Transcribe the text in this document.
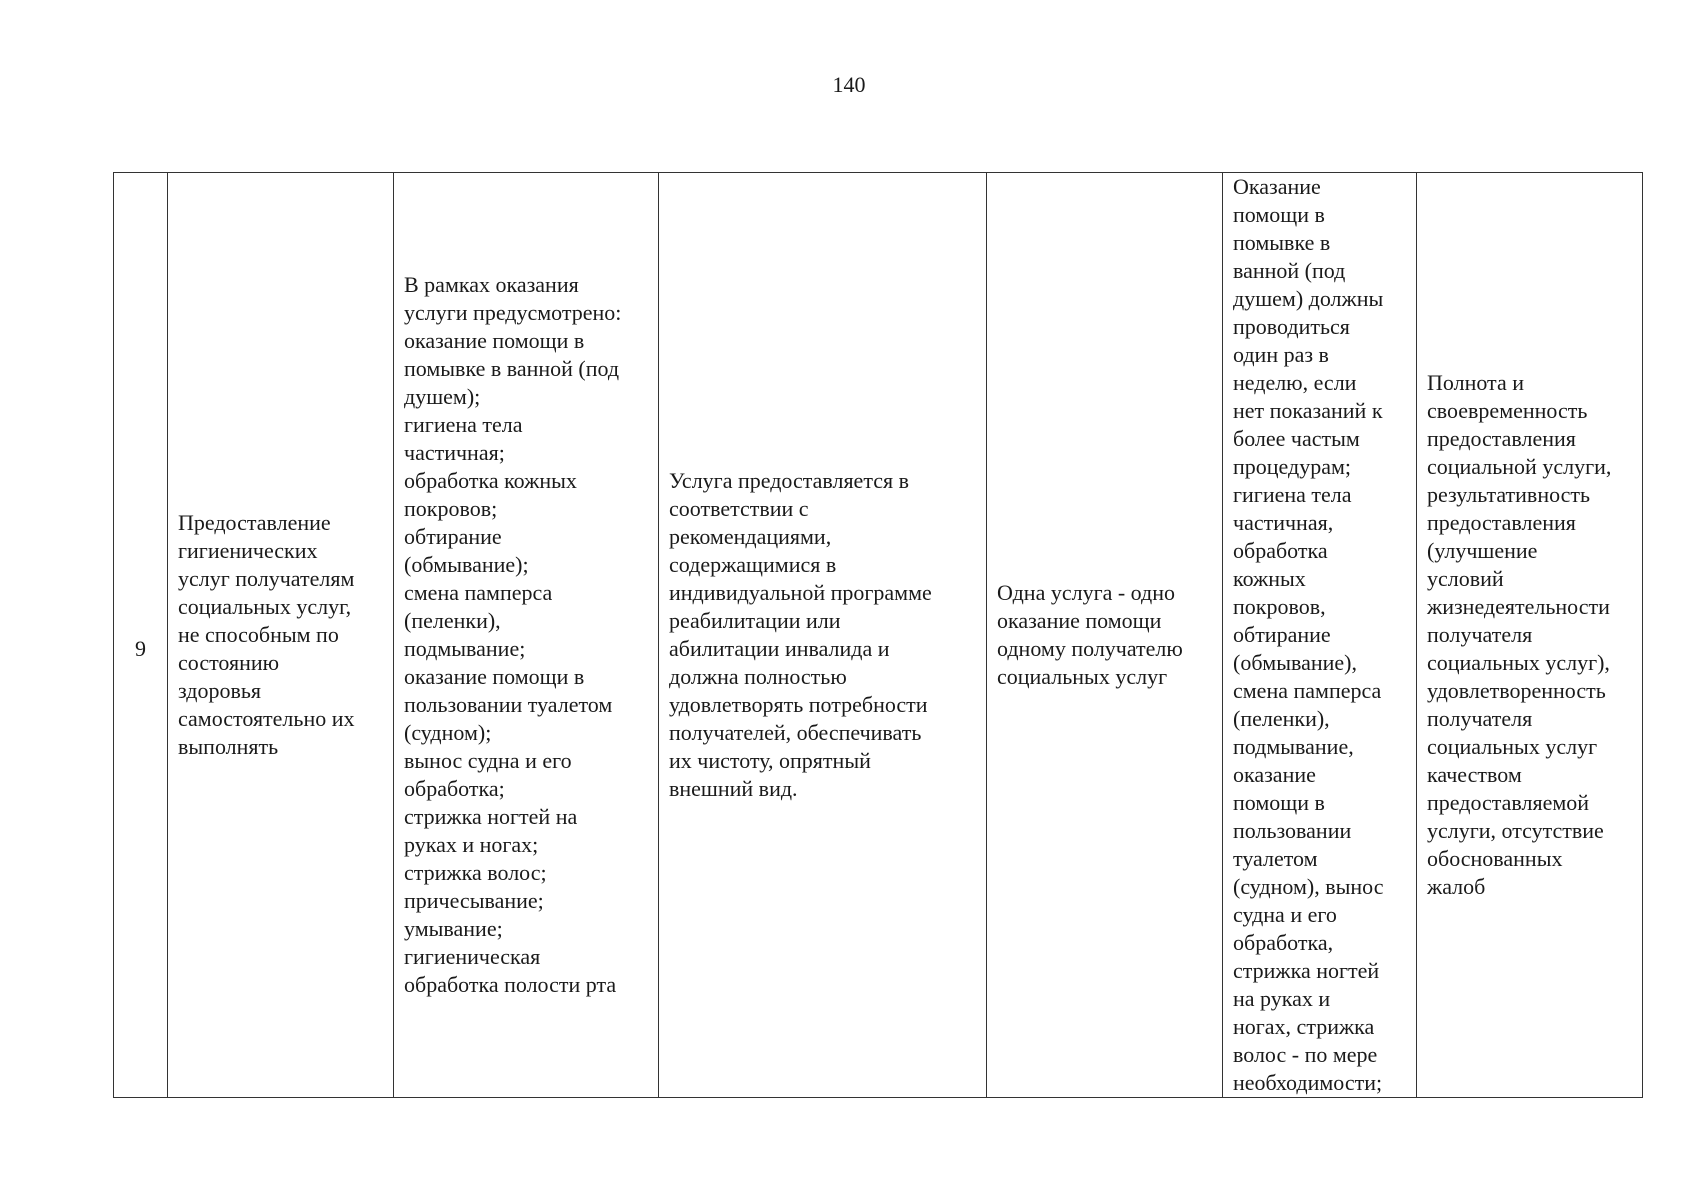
140

9
	Предоставление
гигиенических
услуг получателям
социальных услуг,
не способным по
состоянию
здоровья
самостоятельно их
выполнять	В рамках оказания
услуги предусмотрено:
оказание помощи в
помывке в ванной (под
душем);
гигиена тела
частичная;
обработка кожных
покровов;
обтирание
(обмывание);
смена памперса
(пеленки),
подмывание;
оказание помощи в
пользовании туалетом
(судном);
вынос судна и его
обработка;
стрижка ногтей на
руках и ногах;
стрижка волос;
причесывание;
умывание;
гигиеническая
обработка полости рта	Услуга предоставляется в
соответствии с
рекомендациями,
содержащимися в
индивидуальной программе
реабилитации или
абилитации инвалида и
должна полностью
удовлетворять потребности
получателей, обеспечивать
их чистоту, опрятный
внешний вид.	Одна услуга - одно
оказание помощи
одному получателю
социальных услуг	Оказание
помощи в
помывке в
ванной (под
душем) должны
проводиться
один раз в
неделю, если
нет показаний к
более частым
процедурам;
гигиена тела
частичная,
обработка
кожных
покровов,
обтирание
(обмывание),
смена памперса
(пеленки),
подмывание,
оказание
помощи в
пользовании
туалетом
(судном), вынос
судна и его
обработка,
стрижка ногтей
на руках и
ногах, стрижка
волос - по мере
необходимости;	Полнота и
своевременность
предоставления
социальной услуги,
результативность
предоставления
(улучшение
условий
жизнедеятельности
получателя
социальных услуг),
удовлетворенность
получателя
социальных услуг
качеством
предоставляемой
услуги, отсутствие
обоснованных
жалоб
